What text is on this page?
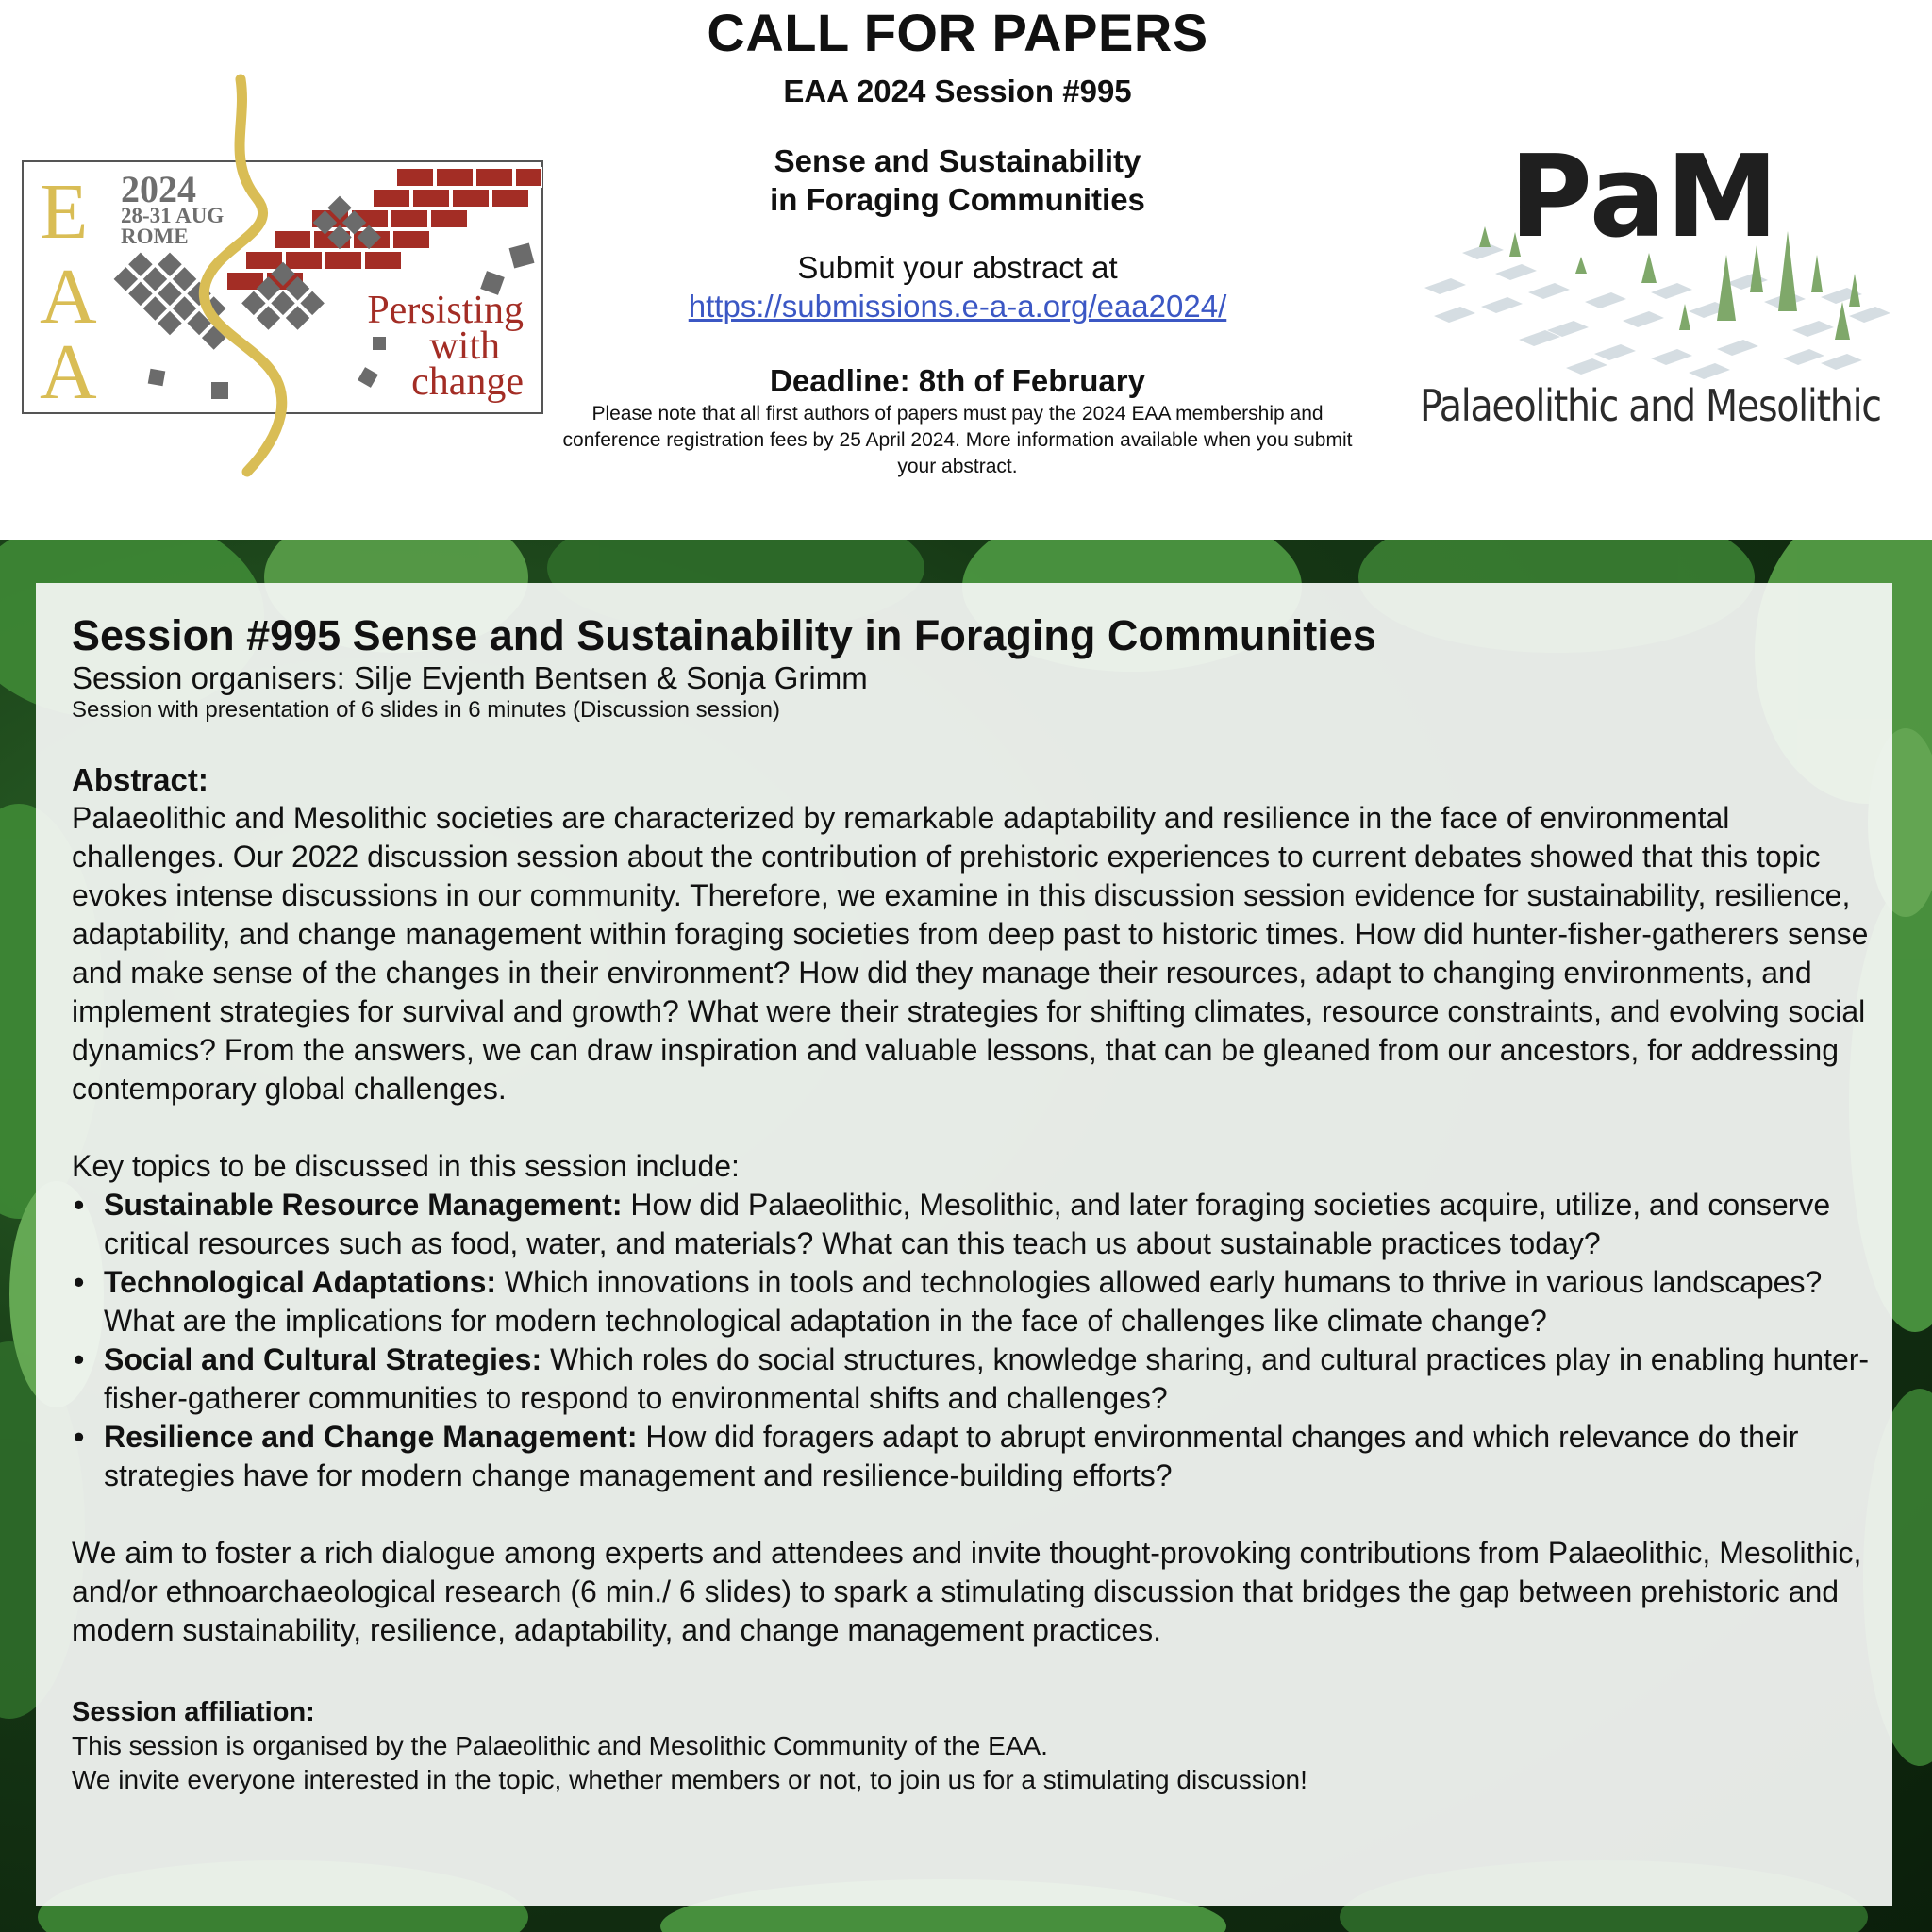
E
A
A
2024
28-31 AUG
ROME
Persisting
with
change
CALL FOR PAPERS
EAA 2024 Session #995
Sense and Sustainability
in Foraging Communities
Submit your abstract at
https://submissions.e-a-a.org/eaa2024/
Deadline: 8th of February
Please note that all first authors of papers must pay the 2024 EAA membership and conference registration fees by 25 April 2024. More information available when you submit your abstract.
PaM
Palaeolithic and Mesolithic
Session #995 Sense and Sustainability in Foraging Communities
Session organisers: Silje Evjenth Bentsen & Sonja Grimm
Session with presentation of 6 slides in 6 minutes (Discussion session)
Abstract:

Palaeolithic and Mesolithic societies are characterized by remarkable adaptability and resilience in the face of environmental challenges. Our 2022 discussion session about the contribution of prehistoric experiences to current debates showed that this topic evokes intense discussions in our community. Therefore, we examine in this discussion session evidence for sustainability, resilience, adaptability, and change management within foraging societies from deep past to historic times. How did hunter-fisher-gatherers sense and make sense of the changes in their environment? How did they manage their resources, adapt to changing environments, and implement strategies for survival and growth? What were their strategies for shifting climates, resource constraints, and evolving social dynamics? From the answers, we can draw inspiration and valuable lessons, that can be gleaned from our ancestors, for addressing contemporary global challenges.

Key topics to be discussed in this session include:

• Sustainable Resource Management: How did Palaeolithic, Mesolithic, and later foraging societies acquire, utilize, and conserve critical resources such as food, water, and materials? What can this teach us about sustainable practices today?
• Technological Adaptations: Which innovations in tools and technologies allowed early humans to thrive in various landscapes? What are the implications for modern technological adaptation in the face of challenges like climate change?
• Social and Cultural Strategies: Which roles do social structures, knowledge sharing, and cultural practices play in enabling hunter-fisher-gatherer communities to respond to environmental shifts and challenges?
• Resilience and Change Management: How did foragers adapt to abrupt environmental changes and which relevance do their strategies have for modern change management and resilience-building efforts?

We aim to foster a rich dialogue among experts and attendees and invite thought-provoking contributions from Palaeolithic, Mesolithic, and/or ethnoarchaeological research (6 min./ 6 slides) to spark a stimulating discussion that bridges the gap between prehistoric and modern sustainability, resilience, adaptability, and change management practices.

Session affiliation:
This session is organised by the Palaeolithic and Mesolithic Community of the EAA.
We invite everyone interested in the topic, whether members or not, to join us for a stimulating discussion!
